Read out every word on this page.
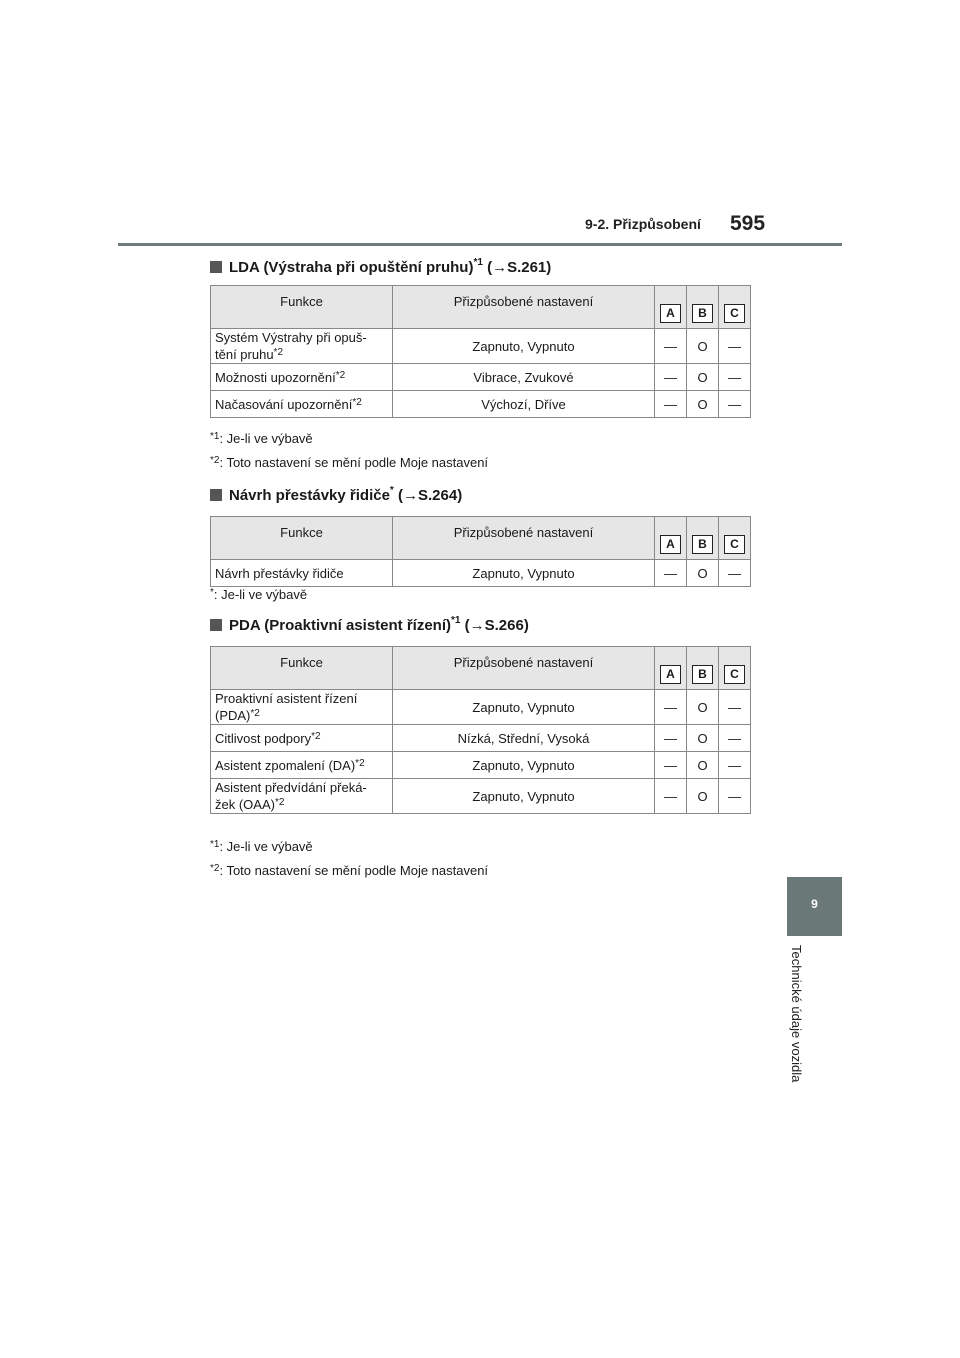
9-2. Přizpůsobení 595
9
Technické údaje vozidla
LDA (Výstraha při opuštění pruhu)$^{*1}$ (→S.261)
Funkce	Přizpůsobené nastavení	A	B	C
Systém Výstrahy při opuš-
tění pruhu$^{*2}$	Zapnuto, Vypnuto	—	O	—
Možnosti upozornění$^{*2}$	Vibrace, Zvukové	—	O	—
Načasování upozornění$^{*2}$	Výchozí, Dříve	—	O	—
$^{*1}$: Je-li ve výbavě
$^{*2}$: Toto nastavení se mění podle Moje nastavení
Návrh přestávky řidiče* (→S.264)
Funkce	Přizpůsobené nastavení	A	B	C
Návrh přestávky řidiče	Zapnuto, Vypnuto	—	O	—
*: Je-li ve výbavě
PDA (Proaktivní asistent řízení)$^{*1}$ (→S.266)
Funkce	Přizpůsobené nastavení	A	B	C
Proaktivní asistent řízení
(PDA)$^{*2}$	Zapnuto, Vypnuto	—	O	—
Citlivost podpory$^{*2}$	Nízká, Střední, Vysoká	—	O	—
Asistent zpomalení (DA)$^{*2}$	Zapnuto, Vypnuto	—	O	—
Asistent předvídání překá-
žek (OAA)$^{*2}$	Zapnuto, Vypnuto	—	O	—
$^{*1}$: Je-li ve výbavě
$^{*2}$: Toto nastavení se mění podle Moje nastavení
